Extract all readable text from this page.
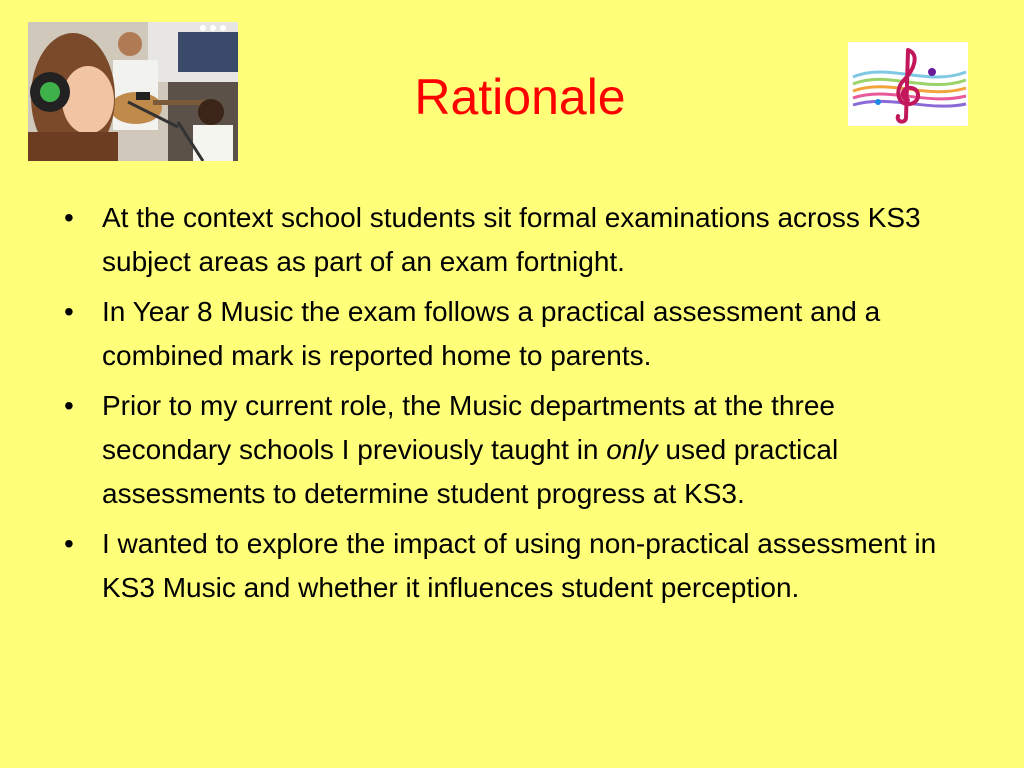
Rationale
•	At the context school students sit formal examinations across KS3 subject areas as part of an exam fortnight.
•	In Year 8 Music the exam follows a practical assessment and a combined mark is reported home to parents.
•	Prior to my current role, the Music departments at the three secondary schools I previously taught in only used practical assessments to determine student progress at KS3.
•	I wanted to explore the impact of using non-practical assessment in KS3 Music and whether it influences student perception.
